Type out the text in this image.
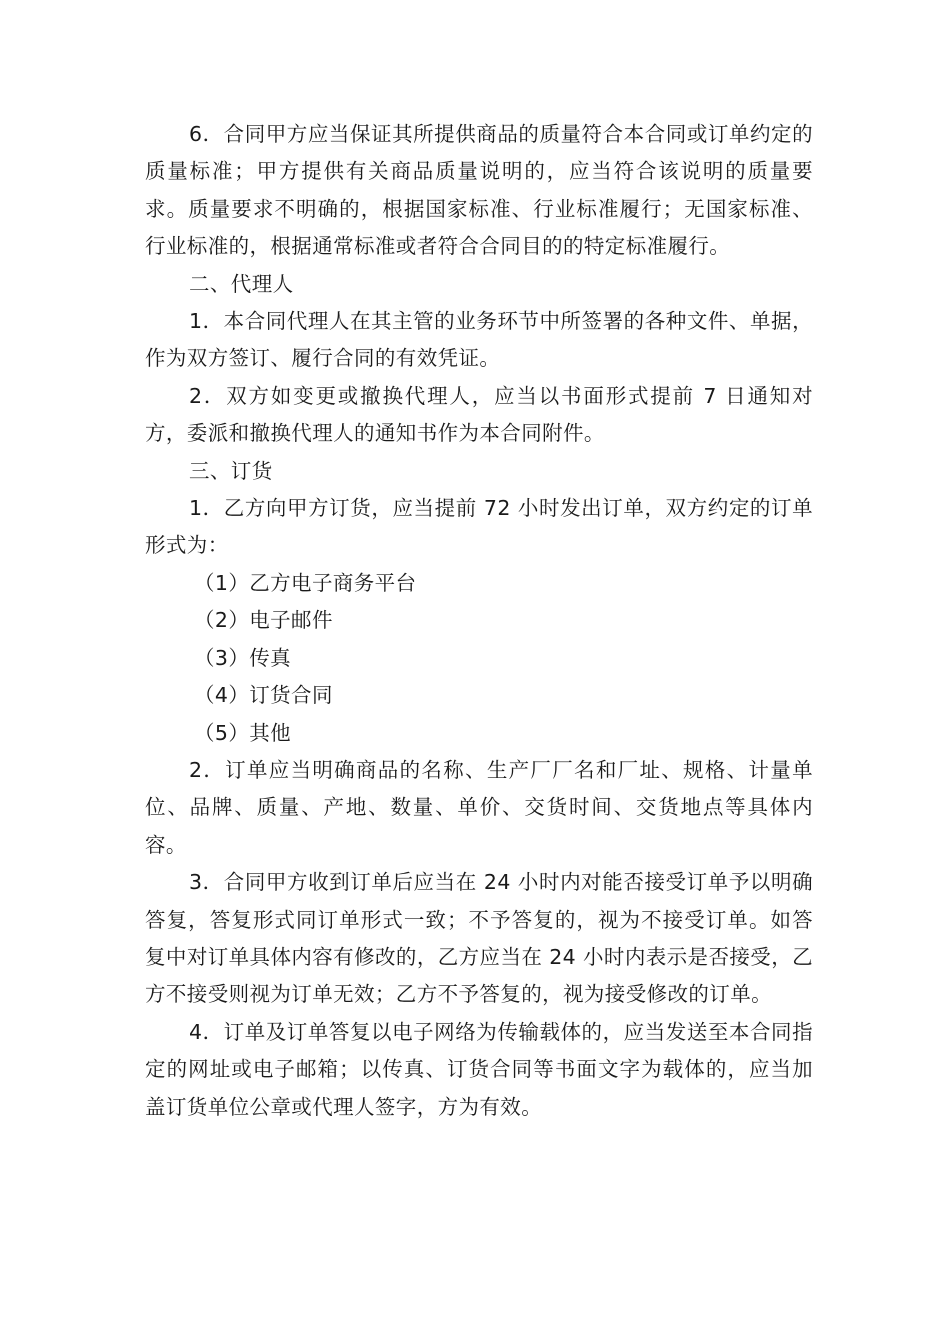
6．合同甲方应当保证其所提供商品的质量符合本合同或订单约定的质量标准；甲方提供有关商品质量说明的，应当符合该说明的质量要求。质量要求不明确的，根据国家标准、行业标准履行；无国家标准、行业标准的，根据通常标准或者符合合同目的的特定标准履行。

二、代理人

1．本合同代理人在其主管的业务环节中所签署的各种文件、单据，作为双方签订、履行合同的有效凭证。

2．双方如变更或撤换代理人，应当以书面形式提前 7 日通知对方，委派和撤换代理人的通知书作为本合同附件。

三、订货

1．乙方向甲方订货，应当提前 72 小时发出订单，双方约定的订单形式为：

（1）乙方电子商务平台

（2）电子邮件

（3）传真

（4）订货合同

（5）其他

2．订单应当明确商品的名称、生产厂厂名和厂址、规格、计量单位、品牌、质量、产地、数量、单价、交货时间、交货地点等具体内容。

3．合同甲方收到订单后应当在 24 小时内对能否接受订单予以明确答复，答复形式同订单形式一致；不予答复的，视为不接受订单。如答复中对订单具体内容有修改的，乙方应当在 24 小时内表示是否接受，乙方不接受则视为订单无效；乙方不予答复的，视为接受修改的订单。

4．订单及订单答复以电子网络为传输载体的，应当发送至本合同指定的网址或电子邮箱；以传真、订货合同等书面文字为载体的，应当加盖订货单位公章或代理人签字，方为有效。
